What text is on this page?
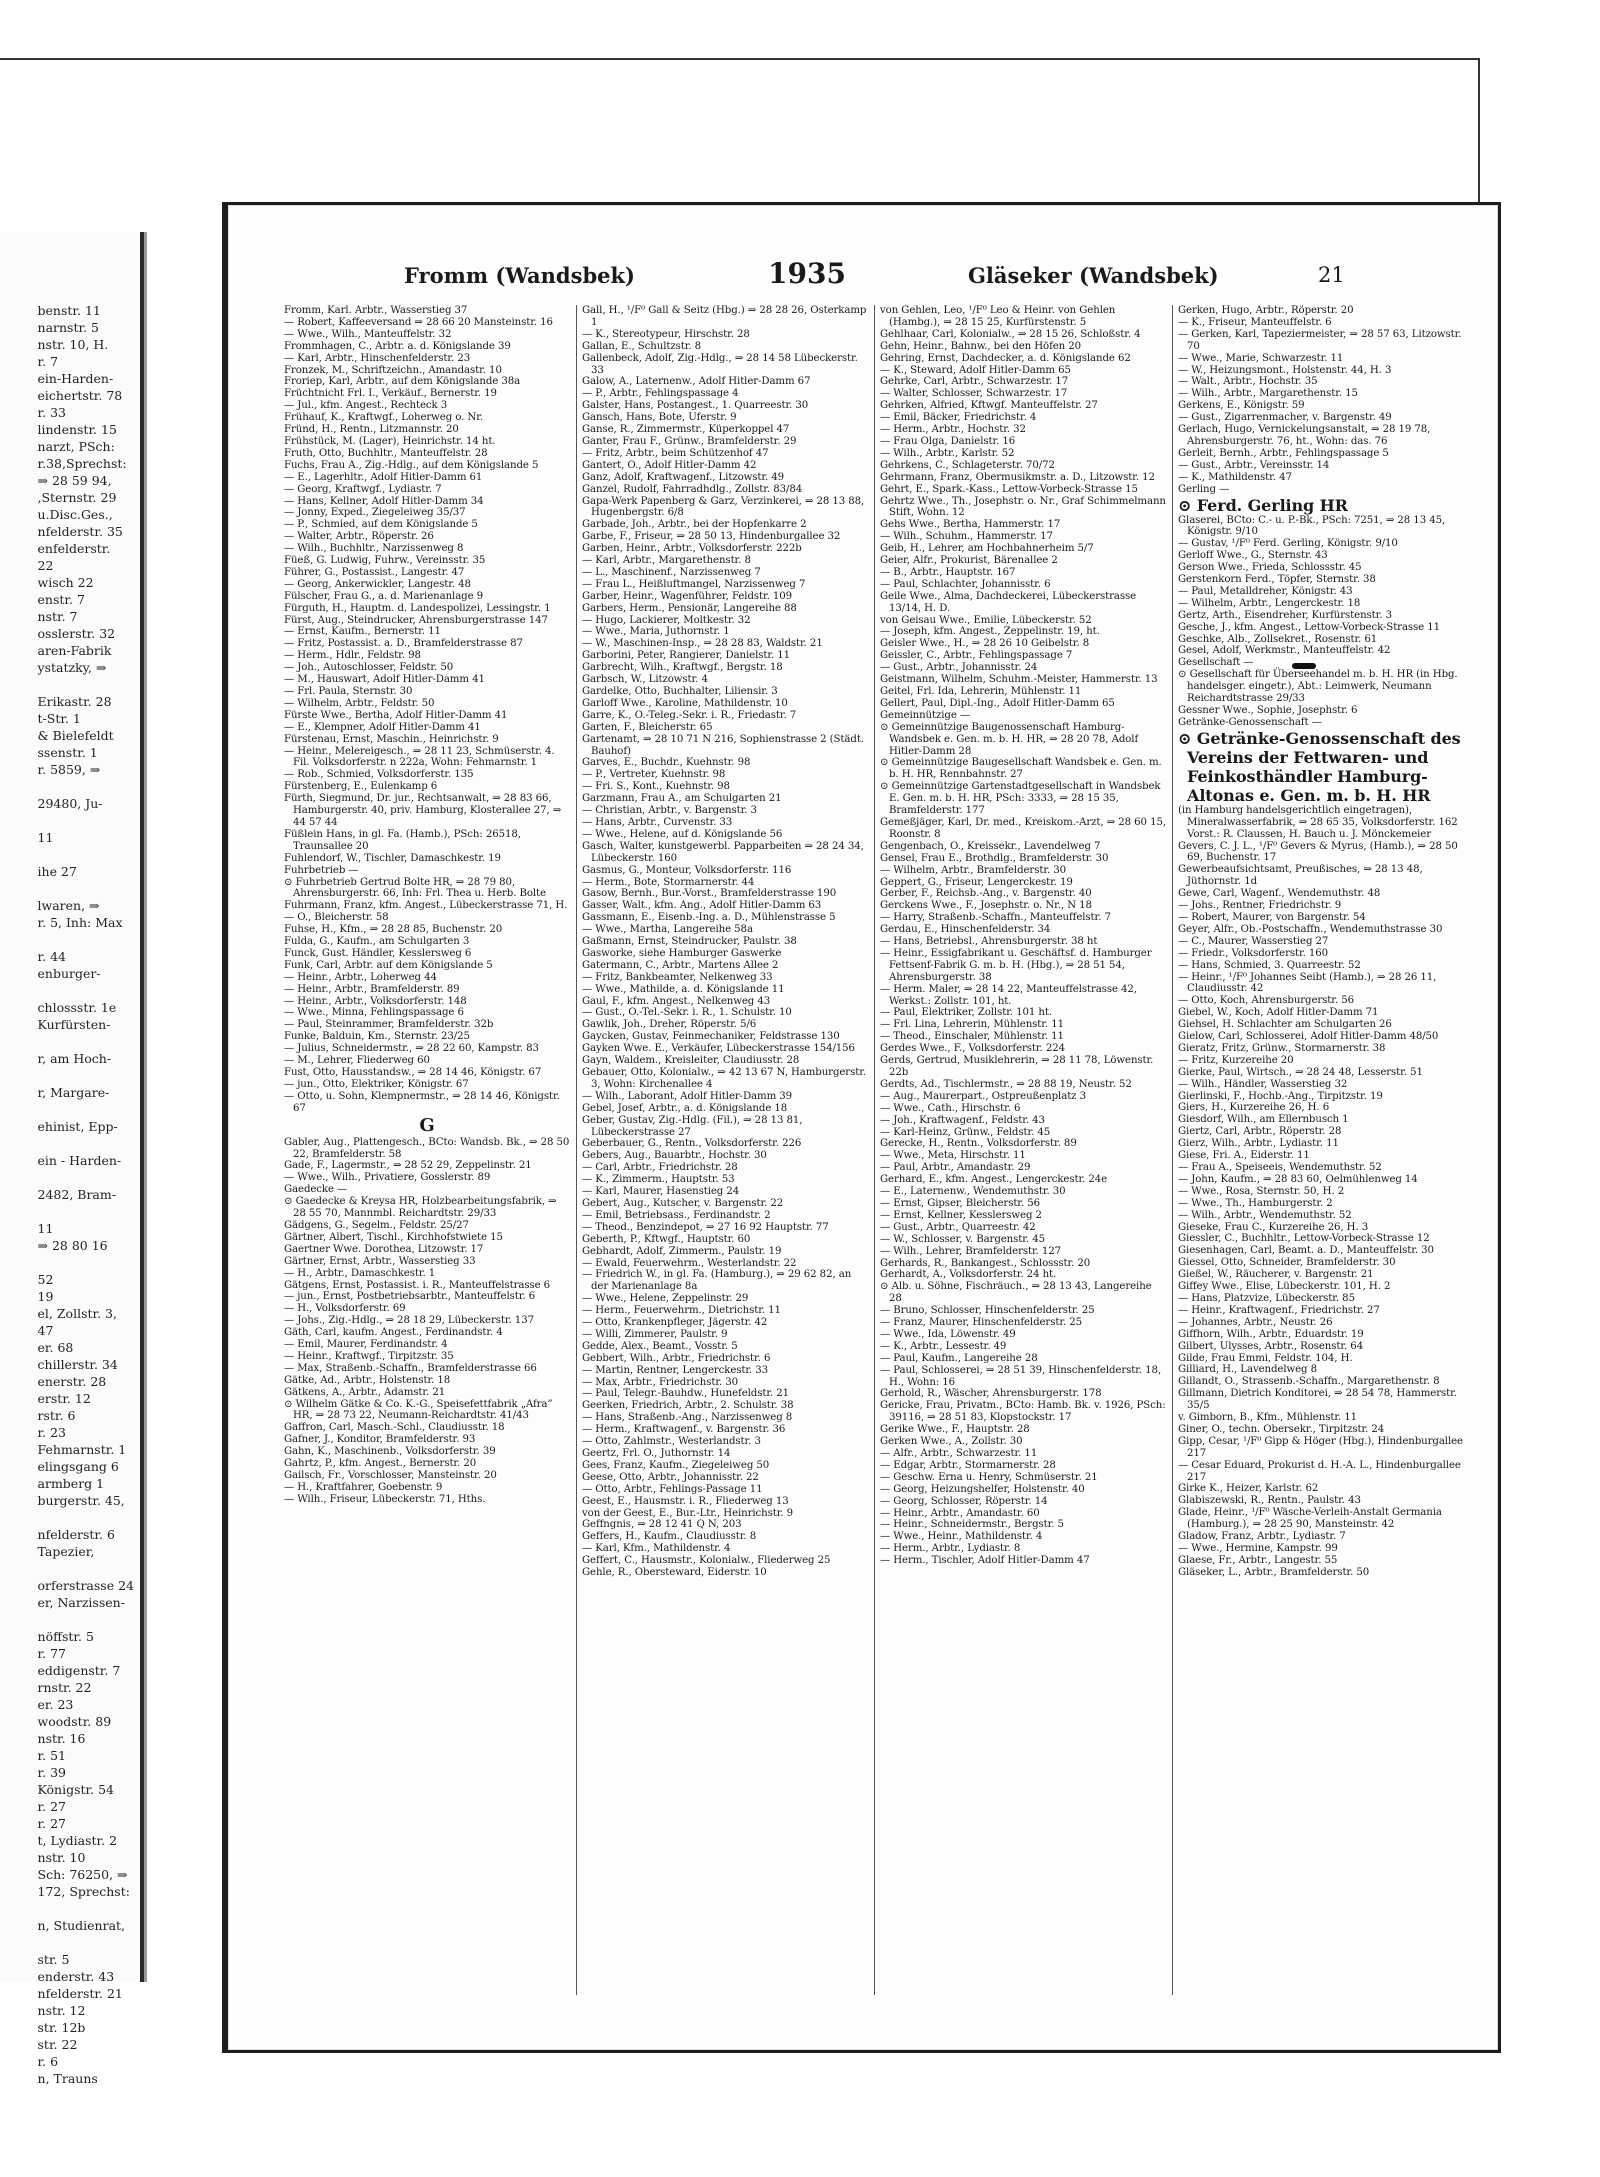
benstr. 11
narnstr. 5
nstr. 10, H.
r. 7
ein-Harden-
eichertstr. 78
r. 33
lindenstr. 15
narzt, PSch:
r.38,Sprechst:
⇒ 28 59 94,
,Sternstr. 29
u.Disc.Ges.,
nfelderstr. 35
enfelderstr.
22
wisch 22
enstr. 7
nstr. 7
osslerstr. 32
aren-Fabrik
ystatzky, ⇒

Erikastr. 28
t-Str. 1
& Bielefeldt
ssenstr. 1
r. 5859, ⇒

29480, Ju-

11

ihe 27

lwaren, ⇒
r. 5, Inh: Max

r. 44
enburger-

chlossstr. 1e
Kurfürsten-

r, am Hoch-

r, Margare-

ehinist, Epp-

ein - Harden-

2482, Bram-

11
⇒ 28 80 16

52
19
el, Zollstr. 3,
47
er. 68
chillerstr. 34
enerstr. 28
erstr. 12
rstr. 6
r. 23
Fehmarnstr. 1
elingsgang 6
armberg 1
burgerstr. 45,

nfelderstr. 6
Tapezier,

orferstrasse 24
er, Narzissen-

nöffstr. 5
r. 77
eddigenstr. 7
rnstr. 22
er. 23
woodstr. 89
nstr. 16
r. 51
r. 39
Königstr. 54
r. 27
r. 27
t, Lydiastr. 2
nstr. 10
Sch: 76250, ⇒
172, Sprechst:

n, Studienrat,

str. 5
enderstr. 43
nfelderstr. 21
nstr. 12
str. 12b
str. 22
r. 6
n, Trauns
Fromm (Wandsbek)	1935	Gläseker (Wandsbek)	21
Fromm, Karl. Arbtr., Wasserstieg 37
— Robert, Kaffeeversand ⇒ 28 66 20 Mansteinstr. 16
— Wwe., Wilh., Manteuffelstr. 32
Frommhagen, C., Arbtr. a. d. Königslande 39
— Karl, Arbtr., Hinschenfelderstr. 23
Fronzek, M., Schriftzeichn., Amandastr. 10
Froriep, Karl, Arbtr., auf dem Königslande 38a
Früchtnicht Frl. I., Verkäuf., Bernerstr. 19
— Jul., kfm. Angest., Rechteck 3
Frühauf, K., Kraftwgf., Loherweg o. Nr.
Fründ, H., Rentn., Litzmannstr. 20
Frühstück, M. (Lager), Heinrichstr. 14 ht.
Fruth, Otto, Buchhltr., Manteuffelstr. 28
Fuchs, Frau A., Zig.-Hdlg., auf dem Königslande 5
— E., Lagerhltr., Adolf Hitler-Damm 61
— Georg, Kraftwgf., Lydiastr. 7
— Hans, Kellner, Adolf Hitler-Damm 34
— Jonny, Exped., Ziegeleiweg 35/37
— P., Schmied, auf dem Königslande 5
— Walter, Arbtr., Röperstr. 26
— Wilh., Buchhltr., Narzissenweg 8
Füeß, G. Ludwig, Fuhrw., Vereinsstr. 35
Führer, G., Postassist., Langestr. 47
— Georg, Ankerwickler, Langestr. 48
Fülscher, Frau G., a. d. Marienanlage 9
Fürguth, H., Hauptm. d. Landespolizei, Lessingstr. 1
Fürst, Aug., Steindrucker, Ahrensburgerstrasse 147
— Ernst, Kaufm., Bernerstr. 11
— Fritz, Postassist. a. D., Bramfelderstrasse 87
— Herm., Hdlr., Feldstr. 98
— Joh., Autoschlosser, Feldstr. 50
— M., Hauswart, Adolf Hitler-Damm 41
— Frl. Paula, Sternstr. 30
— Wilhelm, Arbtr., Feldstr. 50
Fürste Wwe., Bertha, Adolf Hitler-Damm 41
— E., Klempner, Adolf Hitler-Damm 41
Fürstenau, Ernst, Maschin., Heinrichstr. 9
— Heinr., Melereigesch., ⇒ 28 11 23, Schmüserstr. 4. Fil. Volksdorferstr. n 222a, Wohn: Fehmarnstr. 1
— Rob., Schmied, Volksdorferstr. 135
Fürstenberg, E., Eulenkamp 6
Fürth, Siegmund, Dr. jur., Rechtsanwalt, ⇒ 28 83 66, Hamburgerstr. 40, priv. Hamburg, Klosterallee 27, ⇒ 44 57 44
Füßlein Hans, in gl. Fa. (Hamb.), PSch: 26518, Traunsallee 20
Fuhlendorf, W., Tischler, Damaschkestr. 19
Fuhrbetrieb —
⊙ Fuhrbetrieb Gertrud Bolte HR, ⇒ 28 79 80, Ahrensburgerstr. 66, Inh: Frl. Thea u. Herb. Bolte
Fuhrmann, Franz, kfm. Angest., Lübeckerstrasse 71, H.
— O., Bleicherstr. 58
Fuhse, H., Kfm., ⇒ 28 28 85, Buchenstr. 20
Fulda, G., Kaufm., am Schulgarten 3
Funck, Gust. Händler, Kesslersweg 6
Funk, Carl, Arbtr. auf dem Königslande 5
— Heinr., Arbtr., Loherweg 44
— Heinr., Arbtr., Bramfelderstr. 89
— Heinr., Arbtr., Volksdorferstr. 148
— Wwe., Minna, Fehlingspassage 6
— Paul, Steinrammer, Bramfelderstr. 32b
Funke, Balduin, Km., Sternstr. 23/25
— Julius, Schneidermstr., ⇒ 28 22 60, Kampstr. 83
— M., Lehrer, Fliederweg 60
Fust, Otto, Hausstandsw., ⇒ 28 14 46, Königstr. 67
— jun., Otto, Elektriker, Königstr. 67
— Otto, u. Sohn, Klempnermstr., ⇒ 28 14 46, Königstr. 67
G
Gabler, Aug., Plattengesch., BCto: Wandsb. Bk., ⇒ 28 50 22, Bramfelderstr. 58
Gade, F., Lagermstr., ⇒ 28 52 29, Zeppelinstr. 21
— Wwe., Wilh., Privatiere, Gosslerstr. 89
Gaedecke —
⊙ Gaedecke & Kreysa HR, Holzbearbeitungsfabrik, ⇒ 28 55 70, Mannmbl. Reichardtstr. 29/33
Gädgens, G., Segelm., Feldstr. 25/27
Gärtner, Albert, Tischl., Kirchhofstwiete 15
Gaertner Wwe. Dorothea, Litzowstr. 17
Gärtner, Ernst, Arbtr., Wasserstieg 33
— H., Arbtr., Damaschkestr. 1
Gätgens, Ernst, Postassist. i. R., Manteuffelstrasse 6
— jun., Ernst, Postbetriebsarbtr., Manteuffelstr. 6
— H., Volksdorferstr. 69
— Johs., Zig.-Hdlg., ⇒ 28 18 29, Lübeckerstr. 137
Gäth, Carl, kaufm. Angest., Ferdinandstr. 4
— Emil, Maurer, Ferdinandstr. 4
— Heinr., Kraftwgf., Tirpitzstr. 35
— Max, Straßenb.-Schaffn., Bramfelderstrasse 66
Gätke, Ad., Arbtr., Holstenstr. 18
Gätkens, A., Arbtr., Adamstr. 21
⊙ Wilhelm Gätke & Co. K.-G., Speisefettfabrik „Afra” HR, ⇒ 28 73 22, Neumann-Reichardtstr. 41/43
Gaffron, Carl, Masch.-Schl., Claudiusstr. 18
Gafner, J., Konditor, Bramfelderstr. 93
Gahn, K., Maschinenb., Volksdorferstr. 39
Gahrtz, P., kfm. Angest., Bernerstr. 20
Gailsch, Fr., Vorschlosser, Mansteinstr. 20
— H., Kraftfahrer, Goebenstr. 9
— Wilh., Friseur, Lübeckerstr. 71, Hths.
Gall, H., ¹/F⁰ Gall & Seitz (Hbg.) ⇒ 28 28 26, Osterkamp 1
— K., Stereotypeur, Hirschstr. 28
Gallan, E., Schultzstr. 8
Gallenbeck, Adolf, Zig.-Hdlg., ⇒ 28 14 58 Lübeckerstr. 33
Galow, A., Laternenw., Adolf Hitler-Damm 67
— P., Arbtr., Fehlingspassage 4
Galster, Hans, Postangest., 1. Quarreestr. 30
Gansch, Hans, Bote, Uferstr. 9
Ganse, R., Zimmermstr., Küperkoppel 47
Ganter, Frau F., Grünw., Bramfelderstr. 29
— Fritz, Arbtr., beim Schützenhof 47
Gantert, O., Adolf Hitler-Damm 42
Ganz, Adolf, Kraftwagenf., Litzowstr. 49
Ganzel, Rudolf, Fahrradhdlg., Zollstr. 83/84
Gapa-Werk Papenberg & Garz, Verzinkerei, ⇒ 28 13 88, Hugenbergstr. 6/8
Garbade, Joh., Arbtr., bei der Hopfenkarre 2
Garbe, F., Friseur, ⇒ 28 50 13, Hindenburgallee 32
Garben, Heinr., Arbtr., Volksdorferstr. 222b
— Karl, Arbtr., Margarethenstr. 8
— L., Maschinenf., Narzissenweg 7
— Frau L., Heißluftmangel, Narzissenweg 7
Garber, Heinr., Wagenführer, Feldstr. 109
Garbers, Herm., Pensionär, Langereihe 88
— Hugo, Lackierer, Moltkestr. 32
— Wwe., Maria, Juthornstr. 1
— W., Maschinen-Insp., ⇒ 28 28 83, Waldstr. 21
Garborini, Peter, Rangierer, Danielstr. 11
Garbrecht, Wilh., Kraftwgf., Bergstr. 18
Garbsch, W., Litzowstr. 4
Gardelke, Otto, Buchhalter, Liliensir. 3
Garloff Wwe., Karoline, Mathildenstr. 10
Garre, K., O.-Teleg.-Sekr. i. R., Friedastr. 7
Garten, F., Bleicherstr. 65
Gartenamt, ⇒ 28 10 71 N 216, Sophienstrasse 2 (Städt. Bauhof)
Garves, E., Buchdr., Kuehnstr. 98
— P., Vertreter, Kuehnstr. 98
— Fri. S., Kont., Kuehnstr. 98
Garzmann, Frau A., am Schulgarten 21
— Christian, Arbtr., v. Bargenstr. 3
— Hans, Arbtr., Curvenstr. 33
— Wwe., Helene, auf d. Königslande 56
Gasch, Walter, kunstgewerbl. Papparbeiten ⇒ 28 24 34, Lübeckerstr. 160
Gasmus, G., Monteur, Volksdorferstr. 116
— Herm., Bote, Stormarnerstr. 44
Gasow, Bernh., Bur.-Vorst., Bramfelderstrasse 190
Gasser, Walt., kfm. Ang., Adolf Hitler-Damm 63
Gassmann, E., Eisenb.-Ing. a. D., Mühlenstrasse 5
— Wwe., Martha, Langereihe 58a
Gaßmann, Ernst, Steindrucker, Paulstr. 38
Gasworke, siehe Hamburger Gaswerke
Gatermann, C., Arbtr., Martens Allee 2
— Fritz, Bankbeamter, Nelkenweg 33
— Wwe., Mathilde, a. d. Königslande 11
Gaul, F., kfm. Angest., Nelkenweg 43
— Gust., O.-Tel.-Sekr. i. R., 1. Schulstr. 10
Gawlik, Joh., Dreher, Röperstr. 5/6
Gaycken, Gustav, Feinmechaniker, Feldstrasse 130
Gayken Wwe. E., Verkäufer, Lübeckerstrasse 154/156
Gayn, Waldem., Kreisleiter, Claudiusstr. 28
Gebauer, Otto, Kolonialw., ⇒ 42 13 67 N, Hamburgerstr. 3, Wohn: Kirchenallee 4
— Wilh., Laborant, Adolf Hitler-Damm 39
Gebel, Josef, Arbtr., a. d. Königslande 18
Geber, Gustav, Zig.-Hdlg. (Fil.), ⇒ 28 13 81, Lübeckerstrasse 27
Geberbauer, G., Rentn., Volksdorferstr. 226
Gebers, Aug., Bauarbtr., Hochstr. 30
— Carl, Arbtr., Friedrichstr. 28
— K., Zimmerm., Hauptstr. 53
— Karl, Maurer, Hasenstieg 24
Gebert, Aug., Kutscher, v. Bargenstr. 22
— Emil, Betriebsass., Ferdinandstr. 2
— Theod., Benzindepot, ⇒ 27 16 92 Hauptstr. 77
Geberth, P., Kftwgf., Hauptstr. 60
Gebhardt, Adolf, Zimmerm., Paulstr. 19
— Ewald, Feuerwehrm., Westerlandstr. 22
— Friedrich W., in gl. Fa. (Hamburg.), ⇒ 29 62 82, an der Marienanlage 8a
— Wwe., Helene, Zeppelinstr. 29
— Herm., Feuerwehrm., Dietrichstr. 11
— Otto, Krankenpfleger, Jägerstr. 42
— Willi, Zimmerer, Paulstr. 9
Gedde, Alex., Beamt., Vosstr. 5
Gebbert, Wilh., Arbtr., Friedrichstr. 6
— Martin, Rentner, Lengerckestr. 33
— Max, Arbtr., Friedrichstr. 30
— Paul, Telegr.-Bauhdw., Hunefeldstr. 21
Geerken, Friedrich, Arbtr., 2. Schulstr. 38
— Hans, Straßenb.-Ang., Narzissenweg 8
— Herm., Kraftwagenf., v. Bargenstr. 36
— Otto, Zahlmstr., Westerlandstr. 3
Geertz, Frl. O., Juthornstr. 14
Gees, Franz, Kaufm., Ziegeleiweg 50
Geese, Otto, Arbtr., Johannisstr. 22
— Otto, Arbtr., Fehlings-Passage 11
Geest, E., Hausmstr. i. R., Fliederweg 13
von der Geest, E., Bur.-Ltr., Heinrichstr. 9
Geffngnis, ⇒ 28 12 41 Q N, 203
Geffers, H., Kaufm., Claudiusstr. 8
— Karl, Kfm., Mathildenstr. 4
Geffert, C., Hausmstr., Kolonialw., Fliederweg 25
Gehle, R., Obersteward, Eiderstr. 10
von Gehlen, Leo, ¹/F⁰ Leo & Heinr. von Gehlen (Hambg.), ⇒ 28 15 25, Kurfürstenstr. 5
Gehlhaar, Carl, Kolonialw., ⇒ 28 15 26, Schloßstr. 4
Gehn, Heinr., Bahnw., bei den Höfen 20
Gehring, Ernst, Dachdecker, a. d. Königslande 62
— K., Steward, Adolf Hitler-Damm 65
Gehrke, Carl, Arbtr., Schwarzestr. 17
— Walter, Schlosser, Schwarzestr. 17
Gehrken, Alfried, Kftwgf. Manteuffelstr. 27
— Emil, Bäcker, Friedrichstr. 4
— Herm., Arbtr., Hochstr. 32
— Frau Olga, Danielstr. 16
— Wilh., Arbtr., Karlstr. 52
Gehrkens, C., Schlageterstr. 70/72
Gehrmann, Franz, Obermusikmstr. a. D., Litzowstr. 12
Gehrt, E., Spark.-Kass., Lettow-Vorbeck-Strasse 15
Gehrtz Wwe., Th., Josephstr. o. Nr., Graf Schimmelmann Stift, Wohn. 12
Gehs Wwe., Bertha, Hammerstr. 17
— Wilh., Schuhm., Hammerstr. 17
Geib, H., Lehrer, am Hochbahnerheim 5/7
Geier, Alfr., Prokurist, Bärenallee 2
— B., Arbtr., Hauptstr. 167
— Paul, Schlachter, Johannisstr. 6
Geile Wwe., Alma, Dachdeckerei, Lübeckerstrasse 13/14, H. D.
von Geisau Wwe., Emilie, Lübeckerstr. 52
— Joseph, kfm. Angest., Zeppelinstr. 19, ht.
Geisler Wwe., H., ⇒ 28 26 10 Geibelstr. 8
Geissler, C., Arbtr., Fehlingspassage 7
— Gust., Arbtr., Johannisstr. 24
Geistmann, Wilhelm, Schuhm.-Meister, Hammerstr. 13
Geitel, Frl. Ida, Lehrerin, Mühlenstr. 11
Gellert, Paul, Dipl.-Ing., Adolf Hitler-Damm 65
Gemeinnützige —
⊙ Gemeinnützige Baugenossenschaft Hamburg-Wandsbek e. Gen. m. b. H. HR, ⇒ 28 20 78, Adolf Hitler-Damm 28
⊙ Gemeinnützige Baugesellschaft Wandsbek e. Gen. m. b. H. HR, Rennbahnstr. 27
⊙ Gemeinnützige Gartenstadtgesellschaft in Wandsbek E. Gen. m. b. H. HR, PSch: 3333, ⇒ 28 15 35, Bramfelderstr. 177
Gemeßjäger, Karl, Dr. med., Kreiskom.-Arzt, ⇒ 28 60 15, Roonstr. 8
Gengenbach, O., Kreissekr., Lavendelweg 7
Gensel, Frau E., Brothdlg., Bramfelderstr. 30
— Wilhelm, Arbtr., Bramfelderstr. 30
Geppert, G., Friseur, Lengerckestr. 19
Gerber, F., Reichsb.-Ang., v. Bargenstr. 40
Gerckens Wwe., F., Josephstr. o. Nr., N 18
— Harry, Straßenb.-Schaffn., Manteuffelstr. 7
Gerdau, E., Hinschenfelderstr. 34
— Hans, Betriebsl., Ahrensburgerstr. 38 ht
— Heinr., Essigfabrikant u. Geschäftsf. d. Hamburger Fettsenf-Fabrik G. m. b. H. (Hbg.), ⇒ 28 51 54, Ahrensburgerstr. 38
— Herm. Maler, ⇒ 28 14 22, Manteuffelstrasse 42, Werkst.: Zollstr. 101, ht.
— Paul, Elektriker, Zollstr. 101 ht.
— Frl. Lina, Lehrerin, Mühlenstr. 11
— Theod., Einschaler, Mühlenstr. 11
Gerdes Wwe., F., Volksdorferstr. 224
Gerds, Gertrud, Musiklehrerin, ⇒ 28 11 78, Löwenstr. 22b
Gerdts, Ad., Tischlermstr., ⇒ 28 88 19, Neustr. 52
— Aug., Maurerpart., Ostpreußenplatz 3
— Wwe., Cath., Hirschstr. 6
— Joh., Kraftwagenf., Feldstr. 43
— Karl-Heinz, Grünw., Feldstr. 45
Gerecke, H., Rentn., Volksdorferstr. 89
— Wwe., Meta, Hirschstr. 11
— Paul, Arbtr., Amandastr. 29
Gerhard, E., kfm. Angest., Lengerckestr. 24e
— E., Laternenw., Wendemuthstr. 30
— Ernst, Gipser, Bleicherstr. 56
— Ernst, Kellner, Kesslersweg 2
— Gust., Arbtr., Quarreestr. 42
— W., Schlosser, v. Bargenstr. 45
— Wilh., Lehrer, Bramfelderstr. 127
Gerhards, R., Bankangest., Schlossstr. 20
Gerhardt, A., Volksdorferstr. 24 ht.
⊙ Alb. u. Söhne, Fischräuch., ⇒ 28 13 43, Langereihe 28
— Bruno, Schlosser, Hinschenfelderstr. 25
— Franz, Maurer, Hinschenfelderstr. 25
— Wwe., Ida, Löwenstr. 49
— K., Arbtr., Lessestr. 49
— Paul, Kaufm., Langereihe 28
— Paul, Schlosserei, ⇒ 28 51 39, Hinschenfelderstr. 18, H., Wohn: 16
Gerhold, R., Wäscher, Ahrensburgerstr. 178
Gericke, Frau, Privatm., BCto: Hamb. Bk. v. 1926, PSch: 39116, ⇒ 28 51 83, Klopstockstr. 17
Gerike Wwe., F., Hauptstr. 28
Gerken Wwe., A., Zollstr. 30
— Alfr., Arbtr., Schwarzestr. 11
— Edgar, Arbtr., Stormarnerstr. 28
— Geschw. Erna u. Henry, Schmüserstr. 21
— Georg, Heizungshelfer, Holstenstr. 40
— Georg, Schlosser, Röperstr. 14
— Heinr., Arbtr., Amandastr. 60
— Heinr., Schneidermstr., Bergstr. 5
— Wwe., Heinr., Mathildenstr. 4
— Herm., Arbtr., Lydiastr. 8
— Herm., Tischler, Adolf Hitler-Damm 47
Gerken, Hugo, Arbtr., Röperstr. 20
— K., Friseur, Manteuffelstr. 6
— Gerken, Karl, Tapeziermeister, ⇒ 28 57 63, Litzowstr. 70
— Wwe., Marie, Schwarzestr. 11
— W., Heizungsmont., Holstenstr. 44, H. 3
— Walt., Arbtr., Hochstr. 35
— Wilh., Arbtr., Margarethenstr. 15
Gerkens, E., Königstr. 59
— Gust., Zigarrenmacher, v. Bargenstr. 49
Gerlach, Hugo, Vernickelungsanstalt, ⇒ 28 19 78, Ahrensburgerstr. 76, ht., Wohn: das. 76
Gerleit, Bernh., Arbtr., Fehlingspassage 5
— Gust., Arbtr., Vereinsstr. 14
— K., Mathildenstr. 47
Gerling —
⊙ Ferd. Gerling HR
Glaserei, BCto: C.- u. P.-Bk., PSch: 7251, ⇒ 28 13 45, Königstr. 9/10
— Gustav, ¹/F⁰ Ferd. Gerling, Königstr. 9/10
Gerloff Wwe., G., Sternstr. 43
Gerson Wwe., Frieda, Schlossstr. 45
Gerstenkorn Ferd., Töpfer, Sternstr. 38
— Paul, Metalldreher, Königstr. 43
— Wilhelm, Arbtr., Lengerckestr. 18
Gertz, Arth., Eisendreher, Kurfürstenstr. 3
Gesche, J., kfm. Angest., Lettow-Vorbeck-Strasse 11
Geschke, Alb., Zollsekret., Rosenstr. 61
Gesel, Adolf, Werkmstr., Manteuffelstr. 42
Gesellschaft —
⊙ Gesellschaft für Überseehandel m. b. H. HR (in Hbg. handelsger. eingetr.), Abt.: Leimwerk, Neumann Reichardtstrasse 29/33
Gessner Wwe., Sophie, Josephstr. 6
Getränke-Genossenschaft —
⊙ Getränke-Genossenschaft des Vereins der Fettwaren- und Feinkosthändler Hamburg-Altonas e. Gen. m. b. H. HR
(in Hamburg handelsgerichtlich eingetragen), Mineralwasserfabrik, ⇒ 28 65 35, Volksdorferstr. 162 Vorst.: R. Claussen, H. Bauch u. J. Mönckemeier
Gevers, C. J. L., ¹/F⁰ Gevers & Myrus, (Hamb.), ⇒ 28 50 69, Buchenstr. 17
Gewerbeaufsichtsamt, Preußisches, ⇒ 28 13 48, Jüthornstr. 1d
Gewe, Carl, Wagenf., Wendemuthstr. 48
— Johs., Rentner, Friedrichstr. 9
— Robert, Maurer, von Bargenstr. 54
Geyer, Alfr., Ob.-Postschaffn., Wendemuthstrasse 30
— C., Maurer, Wasserstieg 27
— Friedr., Volksdorferstr. 160
— Hans, Schmied, 3. Quarreestr. 52
— Heinr., ¹/F⁰ Johannes Seibt (Hamb.), ⇒ 28 26 11, Claudiusstr. 42
— Otto, Koch, Ahrensburgerstr. 56
Giebel, W., Koch, Adolf Hitler-Damm 71
Giehsel, H. Schlachter am Schulgarten 26
Gielow, Carl, Schlosserei, Adolf Hitler-Damm 48/50
Gieratz, Fritz, Grünw., Stormarnerstr. 38
— Fritz, Kurzereihe 20
Gierke, Paul, Wirtsch., ⇒ 28 24 48, Lesserstr. 51
— Wilh., Händler, Wasserstieg 32
Gierlinski, F., Hochb.-Ang., Tirpitzstr. 19
Giers, H., Kurzereihe 26, H. 6
Giesdorf, Wilh., am Ellernbusch 1
Giertz, Carl, Arbtr., Röperstr. 28
Gierz, Wilh., Arbtr., Lydiastr. 11
Giese, Fri. A., Eiderstr. 11
— Frau A., Speiseeis, Wendemuthstr. 52
— John, Kaufm., ⇒ 28 83 60, Oelmühlenweg 14
— Wwe., Rosa, Sternstr. 50, H. 2
— Wwe., Th., Hamburgerstr. 2
— Wilh., Arbtr., Wendemuthstr. 52
Gieseke, Frau C., Kurzereihe 26, H. 3
Giessler, C., Buchhltr., Lettow-Vorbeck-Strasse 12
Giesenhagen, Carl, Beamt. a. D., Manteuffelstr. 30
Giessel, Otto, Schneider, Bramfelderstr. 30
Gießel, W., Räucherer, v. Bargenstr. 21
Giffey Wwe., Elise, Lübeckerstr. 101, H. 2
— Hans, Platzvize, Lübeckerstr. 85
— Heinr., Kraftwagenf., Friedrichstr. 27
— Johannes, Arbtr., Neustr. 26
Giffhorn, Wilh., Arbtr., Eduardstr. 19
Gilbert, Ulysses, Arbtr., Rosenstr. 64
Gilde, Frau Emmi, Feldstr. 104, H.
Gilliard, H., Lavendelweg 8
Gillandt, O., Strassenb.-Schaffn., Margarethenstr. 8
Gillmann, Dietrich Konditorei, ⇒ 28 54 78, Hammerstr. 35/5
v. Gimborn, B., Kfm., Mühlenstr. 11
Giner, O., techn. Obersekr., Tirpitzstr. 24
Gipp, Cesar, ¹/F⁰ Gipp & Höger (Hbg.), Hindenburgallee 217
— Cesar Eduard, Prokurist d. H.-A. L., Hindenburgallee 217
Girke K., Heizer, Karlstr. 62
Glabiszewski, R., Rentn., Paulstr. 43
Glade, Heinr., ¹/F⁰ Wäsche-Verleih-Anstalt Germania (Hamburg.), ⇒ 28 25 90, Mansteinstr. 42
Gladow, Franz, Arbtr., Lydiastr. 7
— Wwe., Hermine, Kampstr. 99
Glaese, Fr., Arbtr., Langestr. 55
Gläseker, L., Arbtr., Bramfelderstr. 50
